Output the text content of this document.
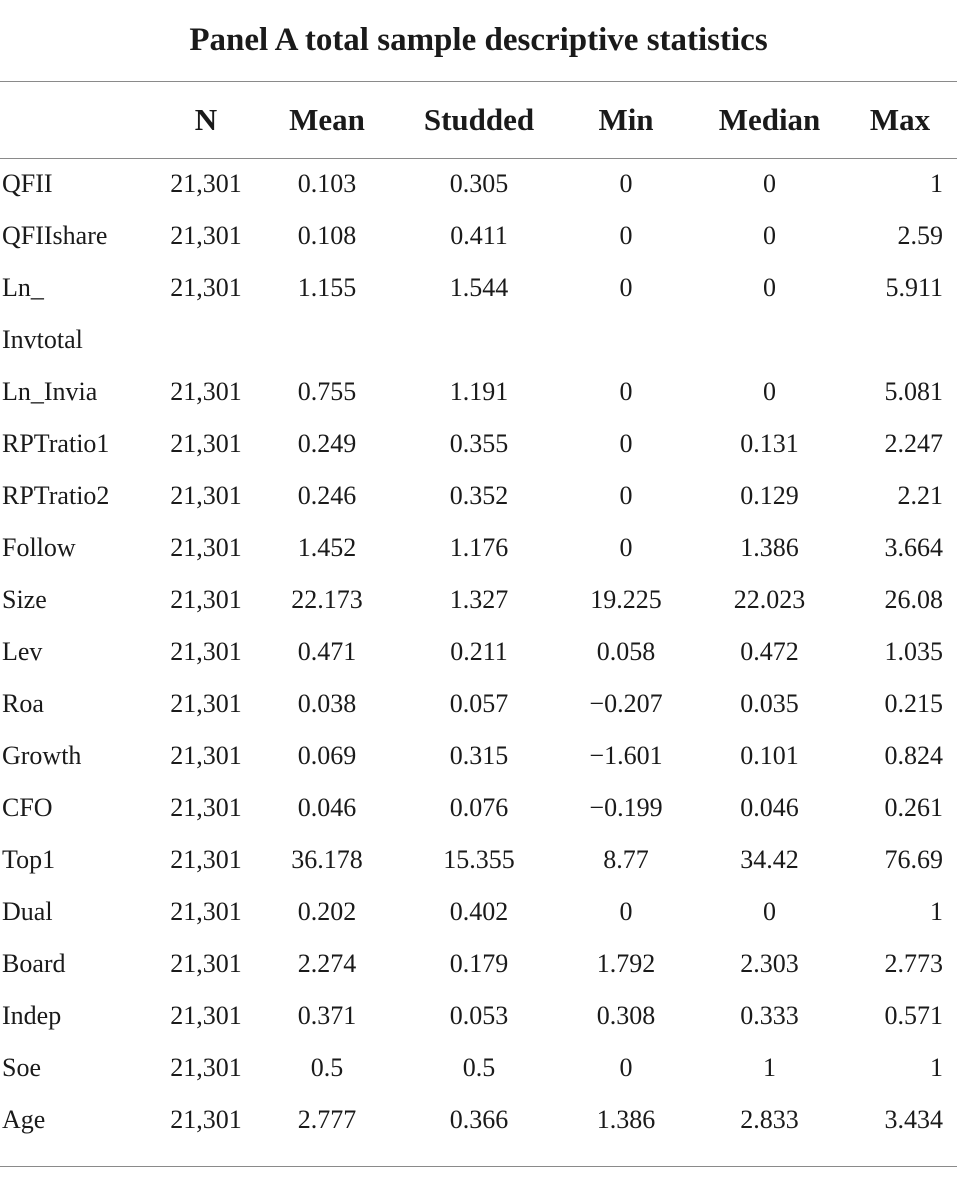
Panel A total sample descriptive statistics
	N	Mean	Studded	Min	Median	Max
QFII	21,301	0.103	0.305	0	0	1
QFIIshare	21,301	0.108	0.411	0	0	2.59
Ln_	21,301	1.155	1.544	0	0	5.911
Invtotal						
Ln_Invia	21,301	0.755	1.191	0	0	5.081
RPTratio1	21,301	0.249	0.355	0	0.131	2.247
RPTratio2	21,301	0.246	0.352	0	0.129	2.21
Follow	21,301	1.452	1.176	0	1.386	3.664
Size	21,301	22.173	1.327	19.225	22.023	26.08
Lev	21,301	0.471	0.211	0.058	0.472	1.035
Roa	21,301	0.038	0.057	−0.207	0.035	0.215
Growth	21,301	0.069	0.315	−1.601	0.101	0.824
CFO	21,301	0.046	0.076	−0.199	0.046	0.261
Top1	21,301	36.178	15.355	8.77	34.42	76.69
Dual	21,301	0.202	0.402	0	0	1
Board	21,301	2.274	0.179	1.792	2.303	2.773
Indep	21,301	0.371	0.053	0.308	0.333	0.571
Soe	21,301	0.5	0.5	0	1	1
Age	21,301	2.777	0.366	1.386	2.833	3.434
